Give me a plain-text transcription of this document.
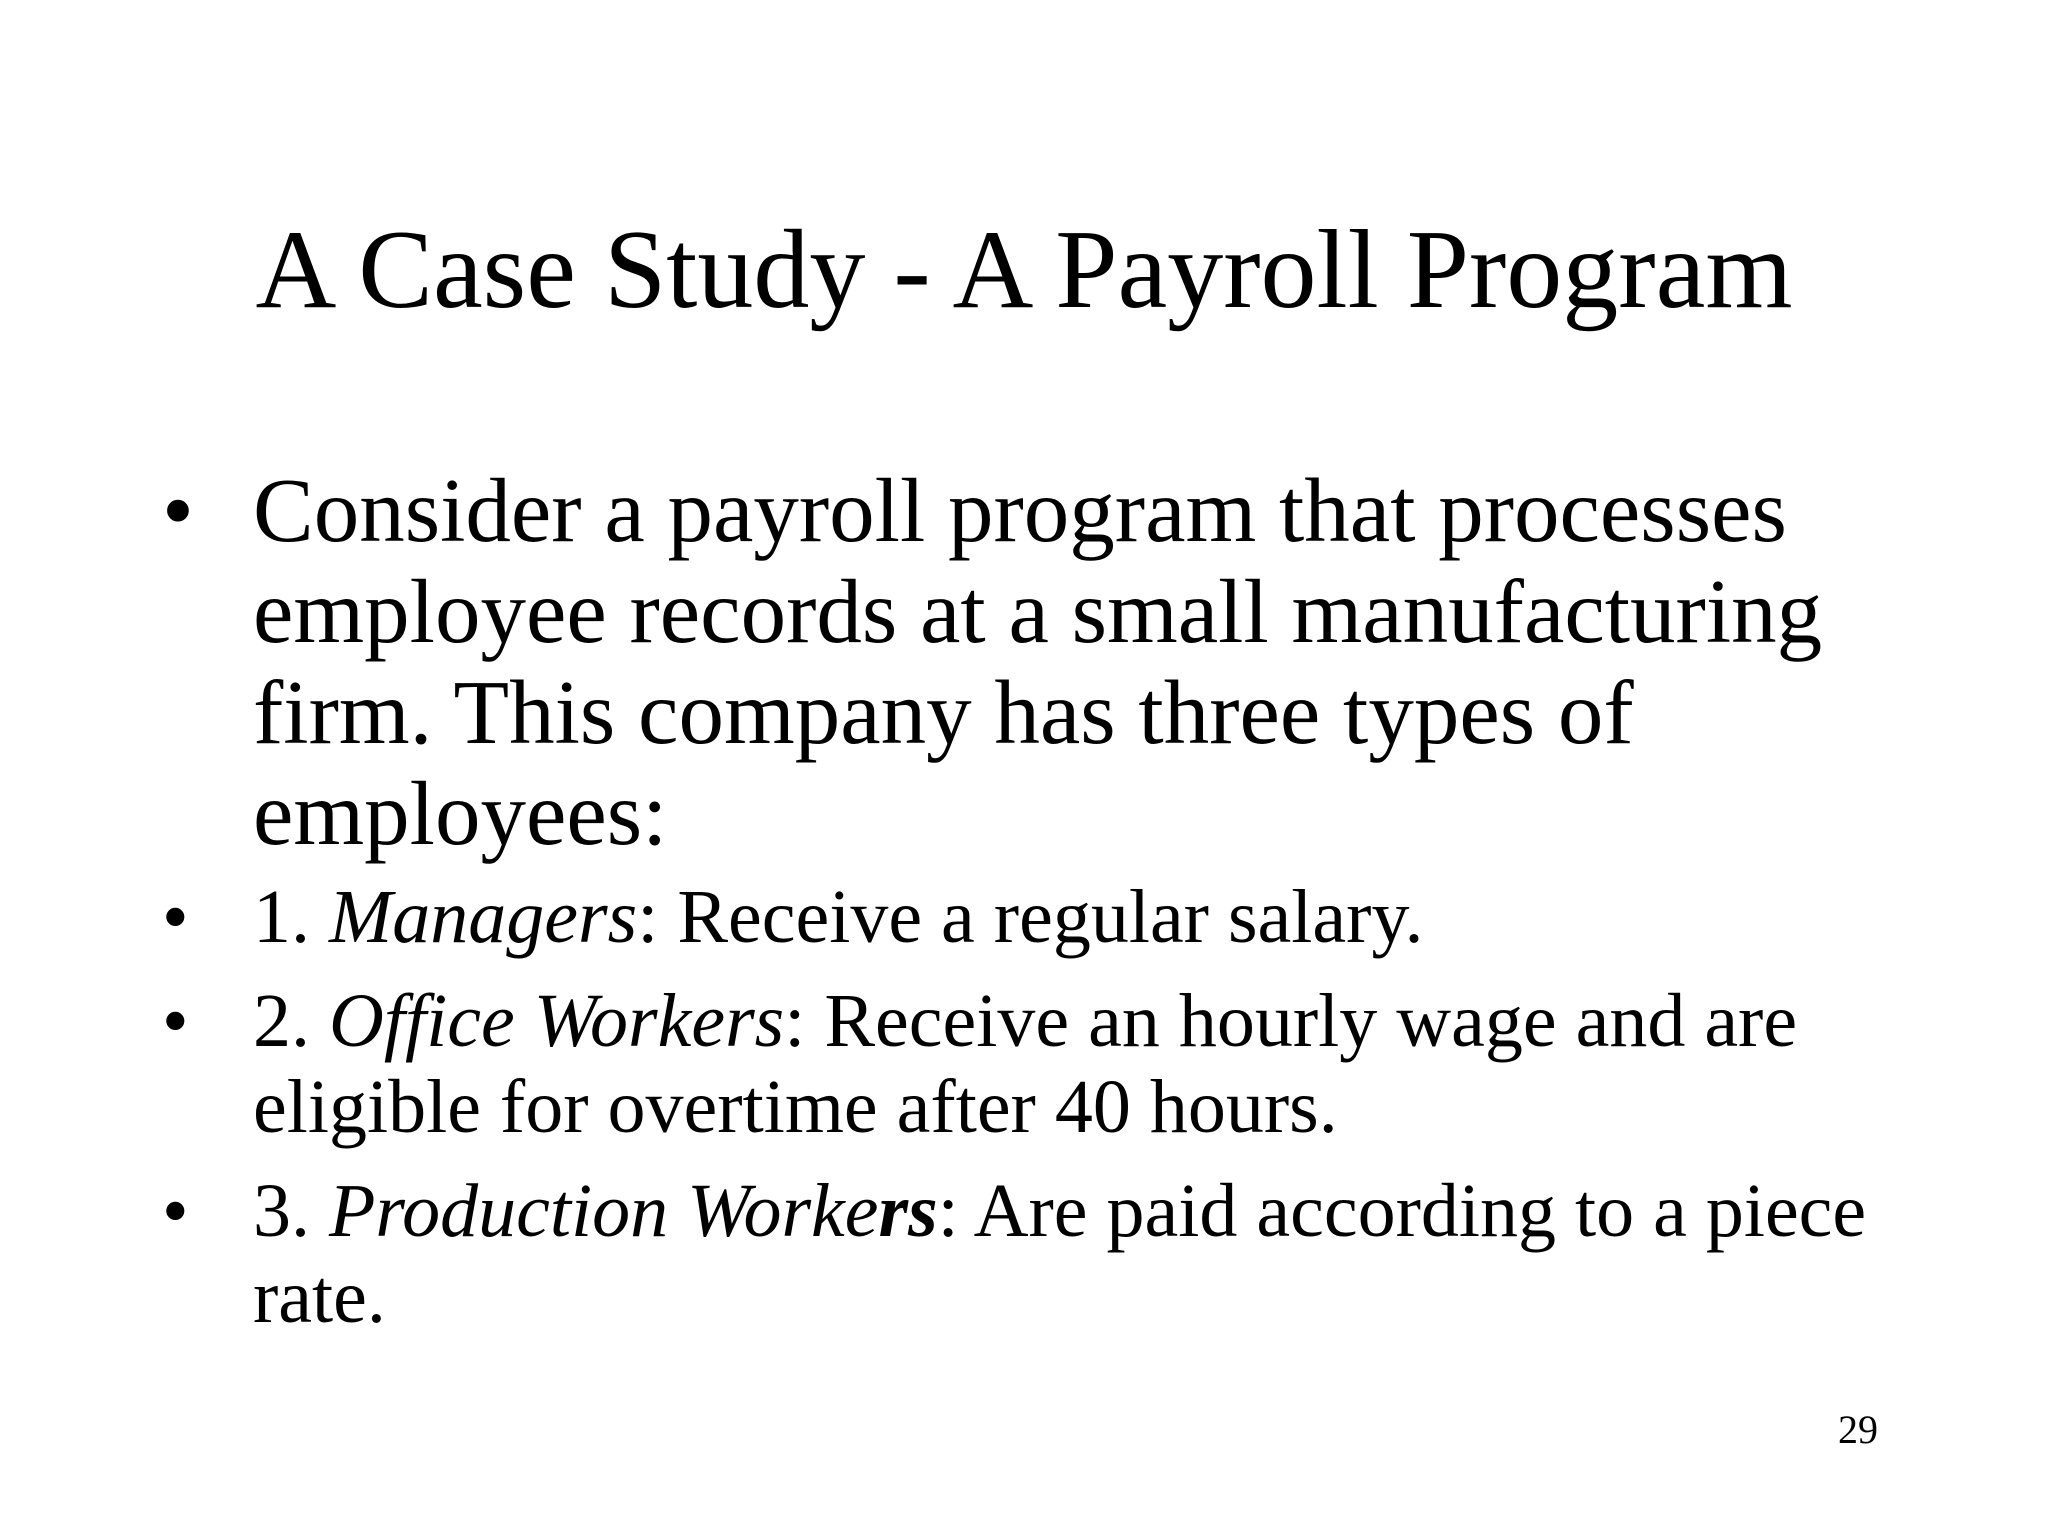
A Case Study - A Payroll Program
• Consider a payroll program that processes employee records at a small manufacturing firm. This company has three types of employees:
• 1. Managers: Receive a regular salary.
• 2. Office Workers: Receive an hourly wage and are eligible for overtime after 40 hours.
• 3. Production Workers: Are paid according to a piece rate.
29
